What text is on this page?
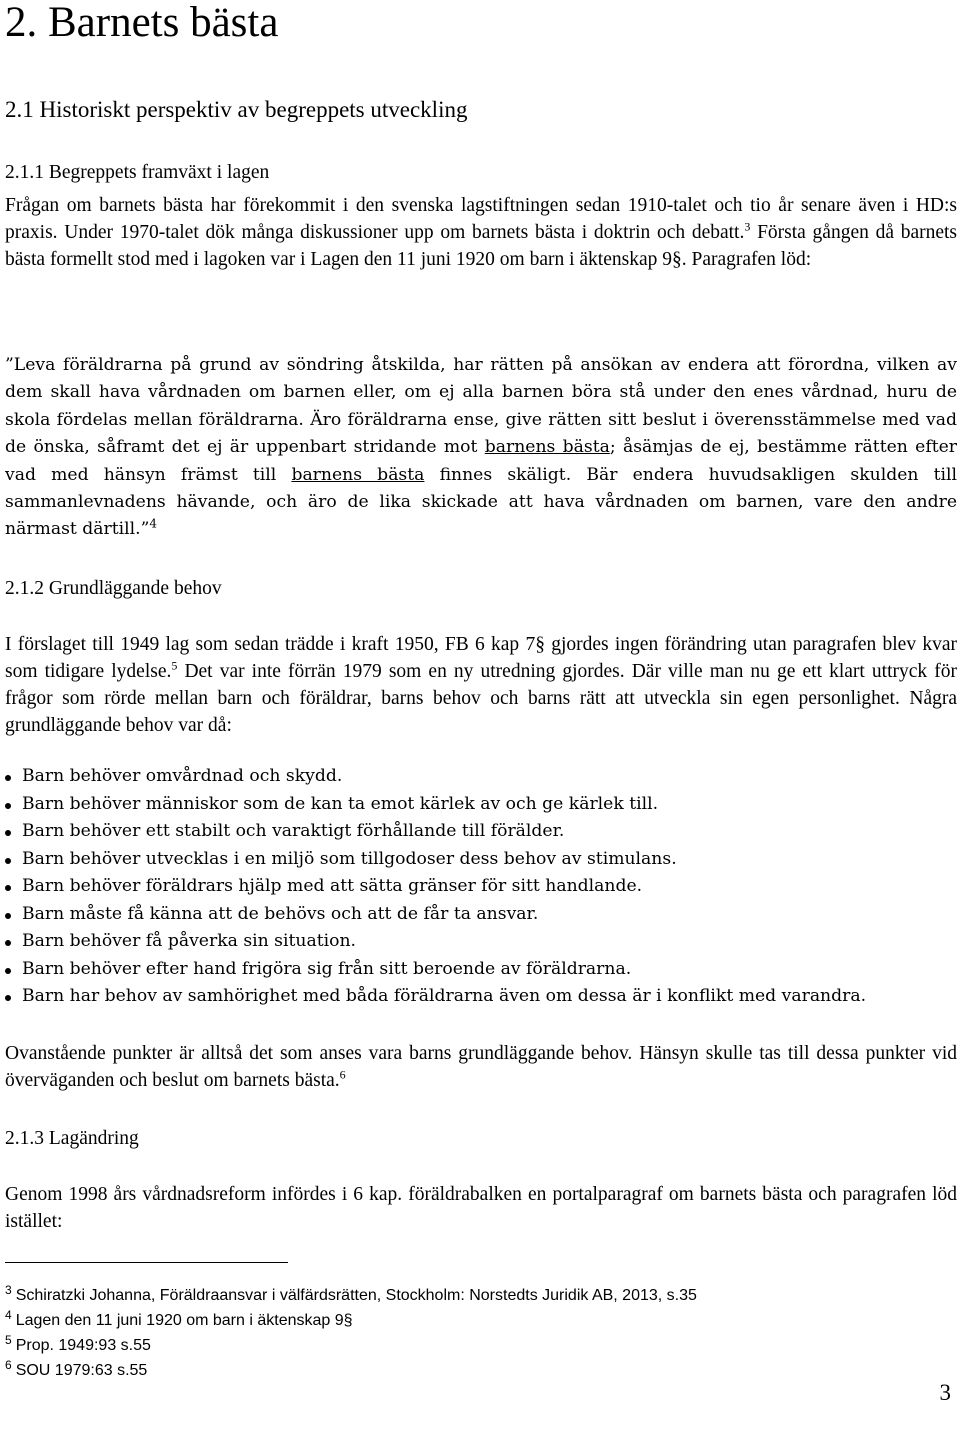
2. Barnets bästa
2.1 Historiskt perspektiv av begreppets utveckling
2.1.1 Begreppets framväxt i lagen

Frågan om barnets bästa har förekommit i den svenska lagstiftningen sedan 1910-talet och tio år senare även i HD:s praxis. Under 1970-talet dök många diskussioner upp om barnets bästa i doktrin och debatt.$^3$ Första gången då barnets bästa formellt stod med i lagoken var i Lagen den 11 juni 1920 om barn i äktenskap 9§. Paragrafen löd:

”Leva föräldrarna på grund av söndring åtskilda, har rätten på ansökan av endera att förordna, vilken av dem skall hava vårdnaden om barnen eller, om ej alla barnen böra stå under den enes vårdnad, huru de skola fördelas mellan föräldrarna. Äro föräldrarna ense, give rätten sitt beslut i överensstämmelse med vad de önska, såframt det ej är uppenbart stridande mot barnens bästa; åsämjas de ej, bestämme rätten efter vad med hänsyn främst till barnens bästa finnes skäligt. Bär endera huvudsakligen skulden till sammanlevnadens hävande, och äro de lika skickade att hava vårdnaden om barnen, vare den andre närmast därtill.”$^4$

2.1.2 Grundläggande behov

I förslaget till 1949 lag som sedan trädde i kraft 1950, FB 6 kap 7§ gjordes ingen förändring utan paragrafen blev kvar som tidigare lydelse.$^5$ Det var inte förrän 1979 som en ny utredning gjordes. Där ville man nu ge ett klart uttryck för frågor som rörde mellan barn och föräldrar, barns behov och barns rätt att utveckla sin egen personlighet. Några grundläggande behov var då:

Barn behöver omvårdnad och skydd.
Barn behöver människor som de kan ta emot kärlek av och ge kärlek till.
Barn behöver ett stabilt och varaktigt förhållande till förälder.
Barn behöver utvecklas i en miljö som tillgodoser dess behov av stimulans.
Barn behöver föräldrars hjälp med att sätta gränser för sitt handlande.
Barn måste få känna att de behövs och att de får ta ansvar.
Barn behöver få påverka sin situation.
Barn behöver efter hand frigöra sig från sitt beroende av föräldrarna.
Barn har behov av samhörighet med båda föräldrarna även om dessa är i konflikt med varandra.

Ovanstående punkter är alltså det som anses vara barns grundläggande behov. Hänsyn skulle tas till dessa punkter vid överväganden och beslut om barnets bästa.$^6$

2.1.3 Lagändring

Genom 1998 års vårdnadsreform infördes i 6 kap. föräldrabalken en portalparagraf om barnets bästa och paragrafen löd istället:

$^3$ Schiratzki Johanna, Föräldraansvar i välfärdsrätten, Stockholm: Norstedts Juridik AB, 2013, s.35
$^4$ Lagen den 11 juni 1920 om barn i äktenskap 9§
$^5$ Prop. 1949:93 s.55
$^6$ SOU 1979:63 s.55
3
